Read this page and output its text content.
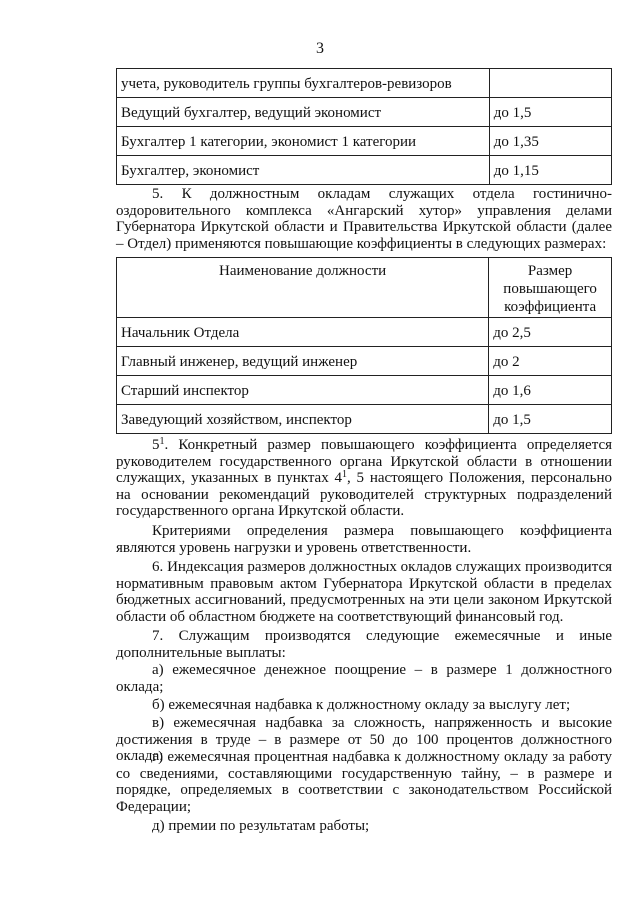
3
учета, руководитель группы бухгалтеров-ревизоров	
Ведущий бухгалтер, ведущий экономист	до 1,5
Бухгалтер 1 категории, экономист 1 категории	до 1,35
Бухгалтер, экономист	до 1,15
5. К должностным окладам служащих отдела гостинично-оздоровительного комплекса «Ангарский хутор» управления делами Губернатора Иркутской области и Правительства Иркутской области (далее – Отдел) применяются повышающие коэффициенты в следующих размерах:
Наименование должности	Размер
повышающего
коэффициента
Начальник Отдела	до 2,5
Главный инженер, ведущий инженер	до 2
Старший инспектор	до 1,6
Заведующий хозяйством, инспектор	до 1,5
$5^1$. Конкретный размер повышающего коэффициента определяется руководителем государственного органа Иркутской области в отношении служащих, указанных в пунктах $4^1$, 5 настоящего Положения, персонально на основании рекомендаций руководителей структурных подразделений государственного органа Иркутской области.
Критериями определения размера повышающего коэффициента являются уровень нагрузки и уровень ответственности.
6. Индексация размеров должностных окладов служащих производится нормативным правовым актом Губернатора Иркутской области в пределах бюджетных ассигнований, предусмотренных на эти цели законом Иркутской области об областном бюджете на соответствующий финансовый год.
7. Служащим производятся следующие ежемесячные и иные дополнительные выплаты:
а) ежемесячное денежное поощрение – в размере 1 должностного оклада;
б) ежемесячная надбавка к должностному окладу за выслугу лет;
в) ежемесячная надбавка за сложность, напряженность и высокие достижения в труде – в размере от 50 до 100 процентов должностного оклада;
г) ежемесячная процентная надбавка к должностному окладу за работу со сведениями, составляющими государственную тайну, – в размере и порядке, определяемых в соответствии с законодательством Российской Федерации;
д) премии по результатам работы;
